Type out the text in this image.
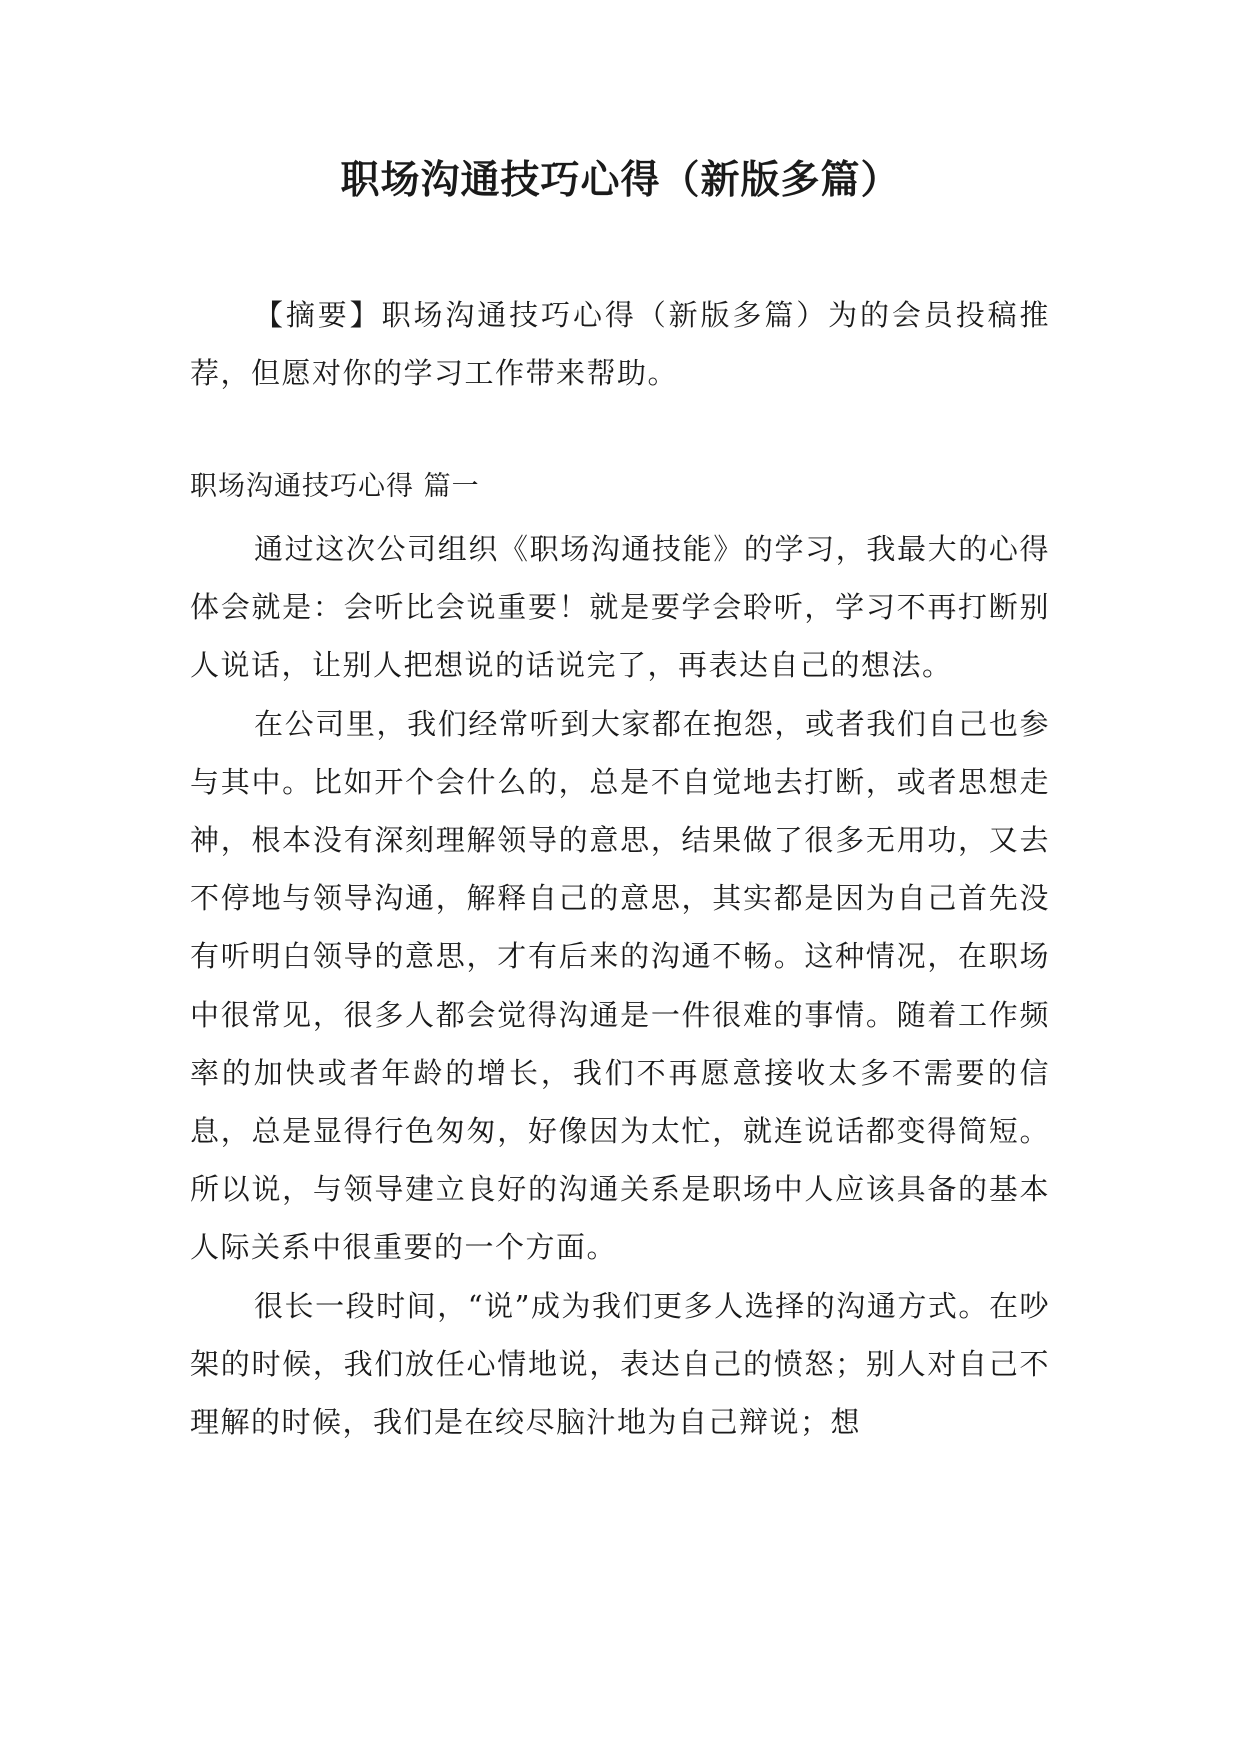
职场沟通技巧心得（新版多篇）

【摘要】职场沟通技巧心得（新版多篇）为的会员投稿推荐，但愿对你的学习工作带来帮助。

职场沟通技巧心得 篇一

通过这次公司组织《职场沟通技能》的学习，我最大的心得体会就是：会听比会说重要！就是要学会聆听，学习不再打断别人说话，让别人把想说的话说完了，再表达自己的想法。

在公司里，我们经常听到大家都在抱怨，或者我们自己也参与其中。比如开个会什么的，总是不自觉地去打断，或者思想走神，根本没有深刻理解领导的意思，结果做了很多无用功，又去不停地与领导沟通，解释自己的意思，其实都是因为自己首先没有听明白领导的意思，才有后来的沟通不畅。这种情况，在职场中很常见，很多人都会觉得沟通是一件很难的事情。随着工作频率的加快或者年龄的增长，我们不再愿意接收太多不需要的信息，总是显得行色匆匆，好像因为太忙，就连说话都变得简短。所以说，与领导建立良好的沟通关系是职场中人应该具备的基本人际关系中很重要的一个方面。

很长一段时间，“说”成为我们更多人选择的沟通方式。在吵架的时候，我们放任心情地说，表达自己的愤怒；别人对自己不理解的时候，我们是在绞尽脑汁地为自己辩说；想
